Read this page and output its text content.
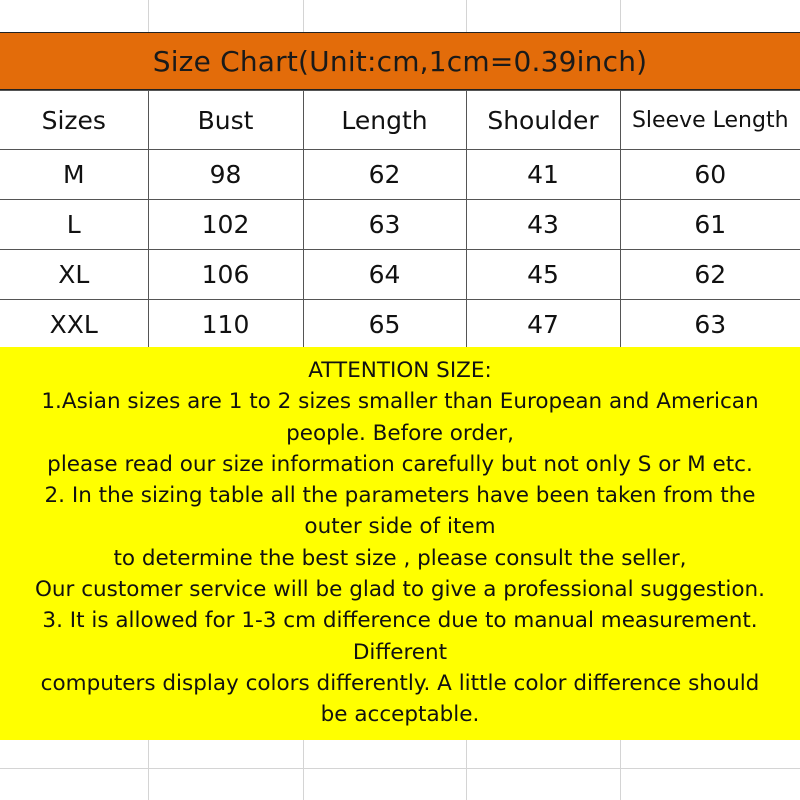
Size Chart(Unit:cm,1cm=0.39inch)
Sizes	Bust	Length	Shoulder	Sleeve Length
M	98	62	41	60
L	102	63	43	61
XL	106	64	45	62
XXL	110	65	47	63
ATTENTION SIZE:
1.Asian sizes are 1 to 2 sizes smaller than European and American
people. Before order,
please read our size information carefully but not only S or M etc.
2. In the sizing table all the parameters have been taken from the
outer side of item
to determine the best size , please consult the seller,
Our customer service will be glad to give a professional suggestion.
3. It is allowed for 1-3 cm difference due to manual measurement.
Different
computers display colors differently. A little color difference should
be acceptable.
